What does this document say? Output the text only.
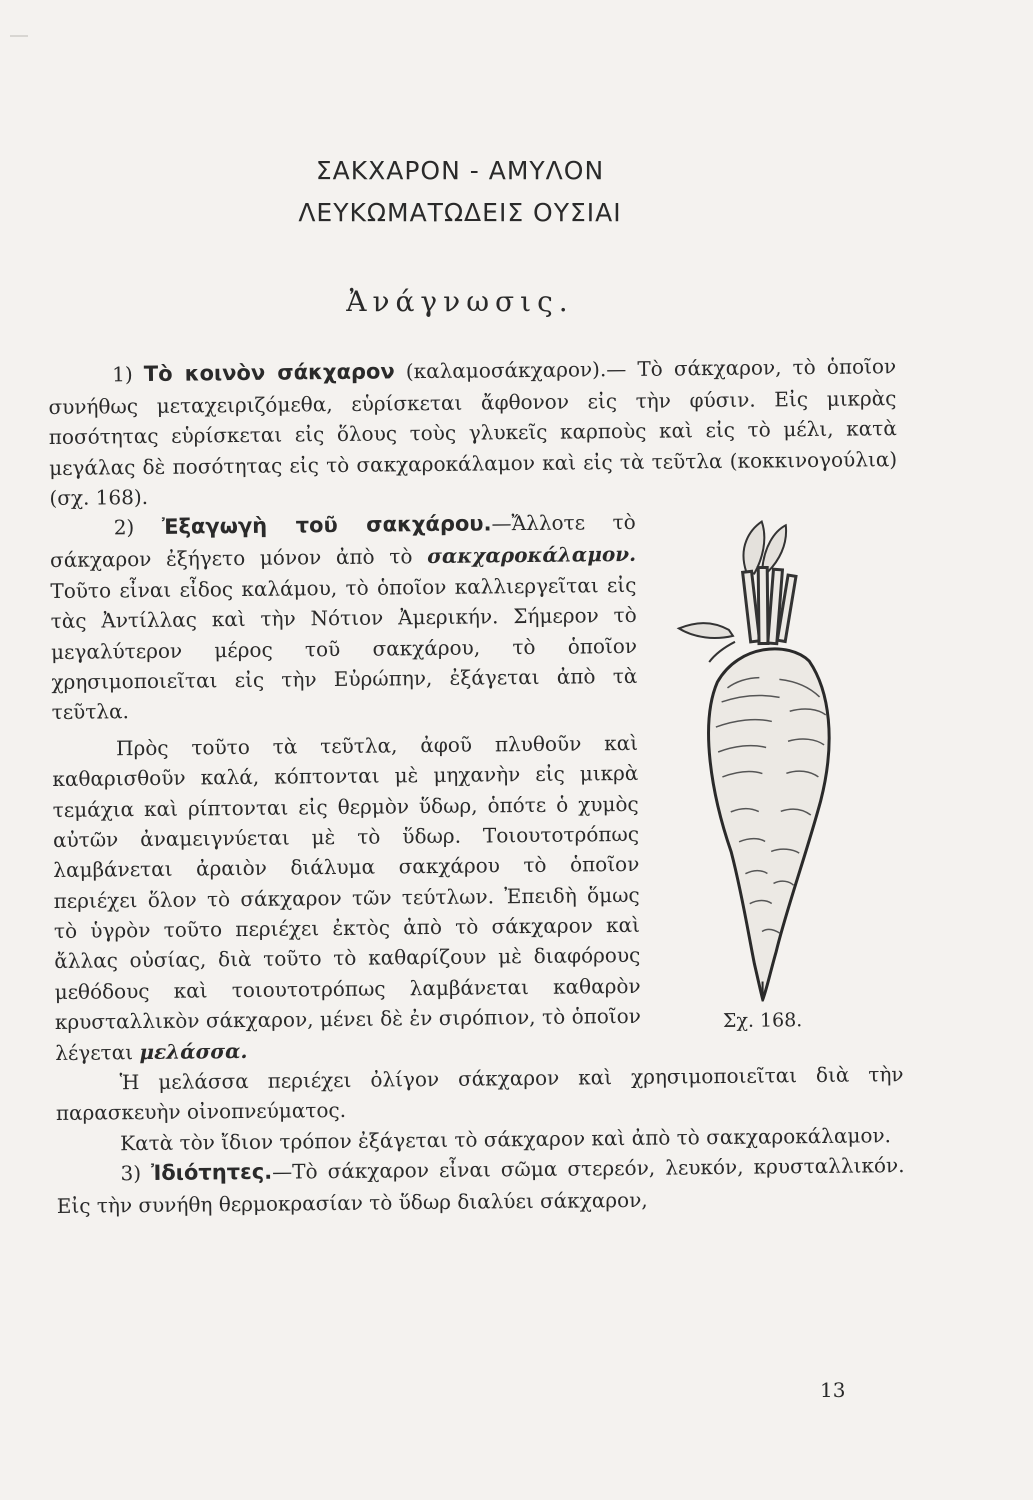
ΣΑΚΧΑΡΟΝ - ΑΜΥΛΟΝ
ΛΕΥΚΩΜΑΤΩΔΕΙΣ ΟΥΣΙΑΙ
Ἀνάγνωσις.

1) Τὸ κοινὸν σάκχαρον (καλαμοσάκχαρον).— Τὸ σάκχαρον, τὸ ὁποῖον συνήθως μεταχειριζόμεθα, εὑρίσκεται ἄφθονον εἰς τὴν φύσιν. Εἰς μικρὰς ποσότητας εὑρίσκεται εἰς ὅλους τοὺς γλυκεῖς καρποὺς καὶ εἰς τὸ μέλι, κατὰ μεγάλας δὲ ποσότητας εἰς τὸ σακχαροκάλαμον καὶ εἰς τὰ τεῦτλα (κοκκινογούλια) (σχ. 168).

Σχ. 168.

2) Ἐξαγωγὴ τοῦ σακχάρου.—Ἄλλοτε τὸ σάκχαρον ἐξήγετο μόνον ἀπὸ τὸ σακχαροκάλαμον. Τοῦτο εἶναι εἶδος καλάμου, τὸ ὁποῖον καλλιεργεῖται εἰς τὰς Ἀντίλλας καὶ τὴν Νότιον Ἀμερικήν. Σήμερον τὸ μεγαλύτερον μέρος τοῦ σακχάρου, τὸ ὁποῖον χρησιμοποιεῖται εἰς τὴν Εὐρώπην, ἐξάγεται ἀπὸ τὰ τεῦτλα.

Πρὸς τοῦτο τὰ τεῦτλα, ἀφοῦ πλυθοῦν καὶ καθαρισθοῦν καλά, κόπτονται μὲ μηχανὴν εἰς μικρὰ τεμάχια καὶ ρίπτονται εἰς θερμὸν ὕδωρ, ὁπότε ὁ χυμὸς αὐτῶν ἀναμειγνύεται μὲ τὸ ὕδωρ. Τοιουτοτρόπως λαμβάνεται ἀραιὸν διάλυμα σακχάρου τὸ ὁποῖον περιέχει ὅλον τὸ σάκχαρον τῶν τεύτλων. Ἐπειδὴ ὅμως τὸ ὑγρὸν τοῦτο περιέχει ἐκτὸς ἀπὸ τὸ σάκχαρον καὶ ἄλλας οὐσίας, διὰ τοῦτο τὸ καθαρίζουν μὲ διαφόρους μεθόδους καὶ τοιουτοτρόπως λαμβάνεται καθαρὸν κρυσταλλικὸν σάκχαρον, μένει δὲ ἐν σιρόπιον, τὸ ὁποῖον λέγεται μελάσσα.

Ἡ μελάσσα περιέχει ὀλίγον σάκχαρον καὶ χρησιμοποιεῖται διὰ τὴν παρασκευὴν οἰνοπνεύματος.

Κατὰ τὸν ἴδιον τρόπον ἐξάγεται τὸ σάκχαρον καὶ ἀπὸ τὸ σακχαροκάλαμον.

3) Ἰδιότητες.—Τὸ σάκχαρον εἶναι σῶμα στερεόν, λευκόν, κρυσταλλικόν. Εἰς τὴν συνήθη θερμοκρασίαν τὸ ὕδωρ διαλύει σάκχαρον,

13
